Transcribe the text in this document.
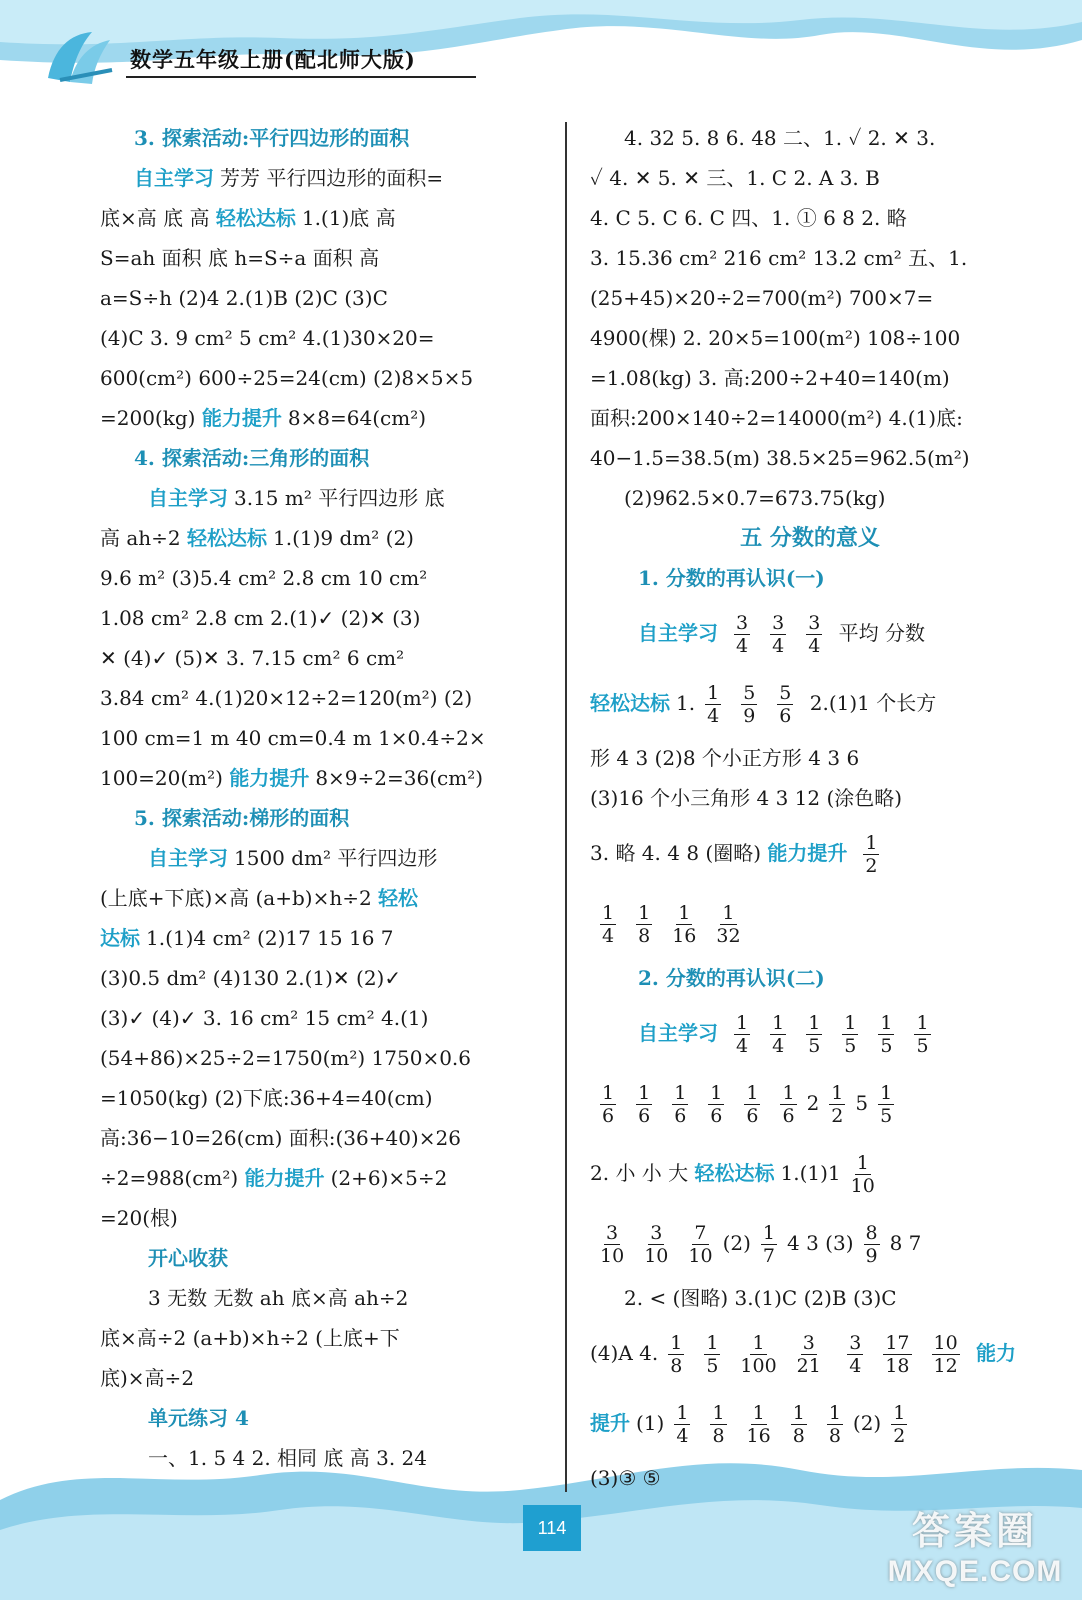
数学五年级上册(配北师大版)
3. 探索活动:平行四边形的面积
自主学习 芳芳 平行四边形的面积=
底×高 底 高 轻松达标 1.(1)底 高
S=ah 面积 底 h=S÷a 面积 高
a=S÷h (2)4 2.(1)B (2)C (3)C
(4)C 3. 9 cm² 5 cm² 4.(1)30×20=
600(cm²) 600÷25=24(cm) (2)8×5×5
=200(kg) 能力提升 8×8=64(cm²)
4. 探索活动:三角形的面积
自主学习 3.15 m² 平行四边形 底
高 ah÷2 轻松达标 1.(1)9 dm² (2)
9.6 m² (3)5.4 cm² 2.8 cm 10 cm²
1.08 cm² 2.8 cm 2.(1)✓ (2)✕ (3)
✕ (4)✓ (5)✕ 3. 7.15 cm² 6 cm²
3.84 cm² 4.(1)20×12÷2=120(m²) (2)
100 cm=1 m 40 cm=0.4 m 1×0.4÷2×
100=20(m²) 能力提升 8×9÷2=36(cm²)
5. 探索活动:梯形的面积
自主学习 1500 dm² 平行四边形
(上底+下底)×高 (a+b)×h÷2 轻松
达标 1.(1)4 cm² (2)17 15 16 7
(3)0.5 dm² (4)130 2.(1)✕ (2)✓
(3)✓ (4)✓ 3. 16 cm² 15 cm² 4.(1)
(54+86)×25÷2=1750(m²) 1750×0.6
=1050(kg) (2)下底:36+4=40(cm)
高:36−10=26(cm) 面积:(36+40)×26
÷2=988(cm²) 能力提升 (2+6)×5÷2
=20(根)
开心收获
3 无数 无数 ah 底×高 ah÷2
底×高÷2 (a+b)×h÷2 (上底+下
底)×高÷2
单元练习 4
一、1. 5 4 2. 相同 底 高 3. 24
4. 32 5. 8 6. 48 二、1. ✓ 2. ✕ 3.
✓ 4. ✕ 5. ✕ 三、1. C 2. A 3. B
4. C 5. C 6. C 四、1. ① 6 8 2. 略
3. 15.36 cm² 216 cm² 13.2 cm² 五、1.
(25+45)×20÷2=700(m²) 700×7=
4900(棵) 2. 20×5=100(m²) 108÷100
=1.08(kg) 3. 高:200÷2+40=140(m)
面积:200×140÷2=14000(m²) 4.(1)底:
40−1.5=38.5(m) 38.5×25=962.5(m²)
(2)962.5×0.7=673.75(kg)
五 分数的意义
1. 分数的再认识(一)
自主学习 $\frac{3}{4} \frac{3}{4} \frac{3}{4}$ 平均 分数
轻松达标 1. $\frac{1}{4} \frac{5}{9} \frac{5}{6} 2.(1)1$ 个长方
形 4 3 (2)8 个小正方形 4 3 6
(3)16 个小三角形 4 3 12 (涂色略)
3. 略 4. 4 8 (圈略) 能力提升 $\frac{1}{2}$
$\frac{1}{4} \frac{1}{8} \frac{1}{16} \frac{1}{32}$
2. 分数的再认识(二)
自主学习 $\frac{1}{4} \frac{1}{4} \frac{1}{5} \frac{1}{5} \frac{1}{5} \frac{1}{5}$
$\frac{1}{6} \frac{1}{6} \frac{1}{6} \frac{1}{6} \frac{1}{6} \frac{1}{6} 2 \frac{1}{2} 5 \frac{1}{5}$
2. 小 小 大 轻松达标 $1.(1)1 \frac{1}{10}$
$\frac{3}{10} \frac{3}{10} \frac{7}{10} (2) \frac{1}{7} 4$ 3 $(3) \frac{8}{9} 8$ 7
2. < (图略) 3.(1)C (2)B (3)C
(4)A 4. $\frac{1}{8} \frac{1}{5} \frac{1}{100} \frac{3}{21}$
$\frac{3}{4} \frac{17}{18} \frac{10}{12}$ 能力
提升 $(1) \frac{1}{4} \frac{1}{8} \frac{1}{16} \frac{1}{8} \frac{1}{8} (2) \frac{1}{2}$
(3)③ ⑤
114	答案圈
MXQE.COM
